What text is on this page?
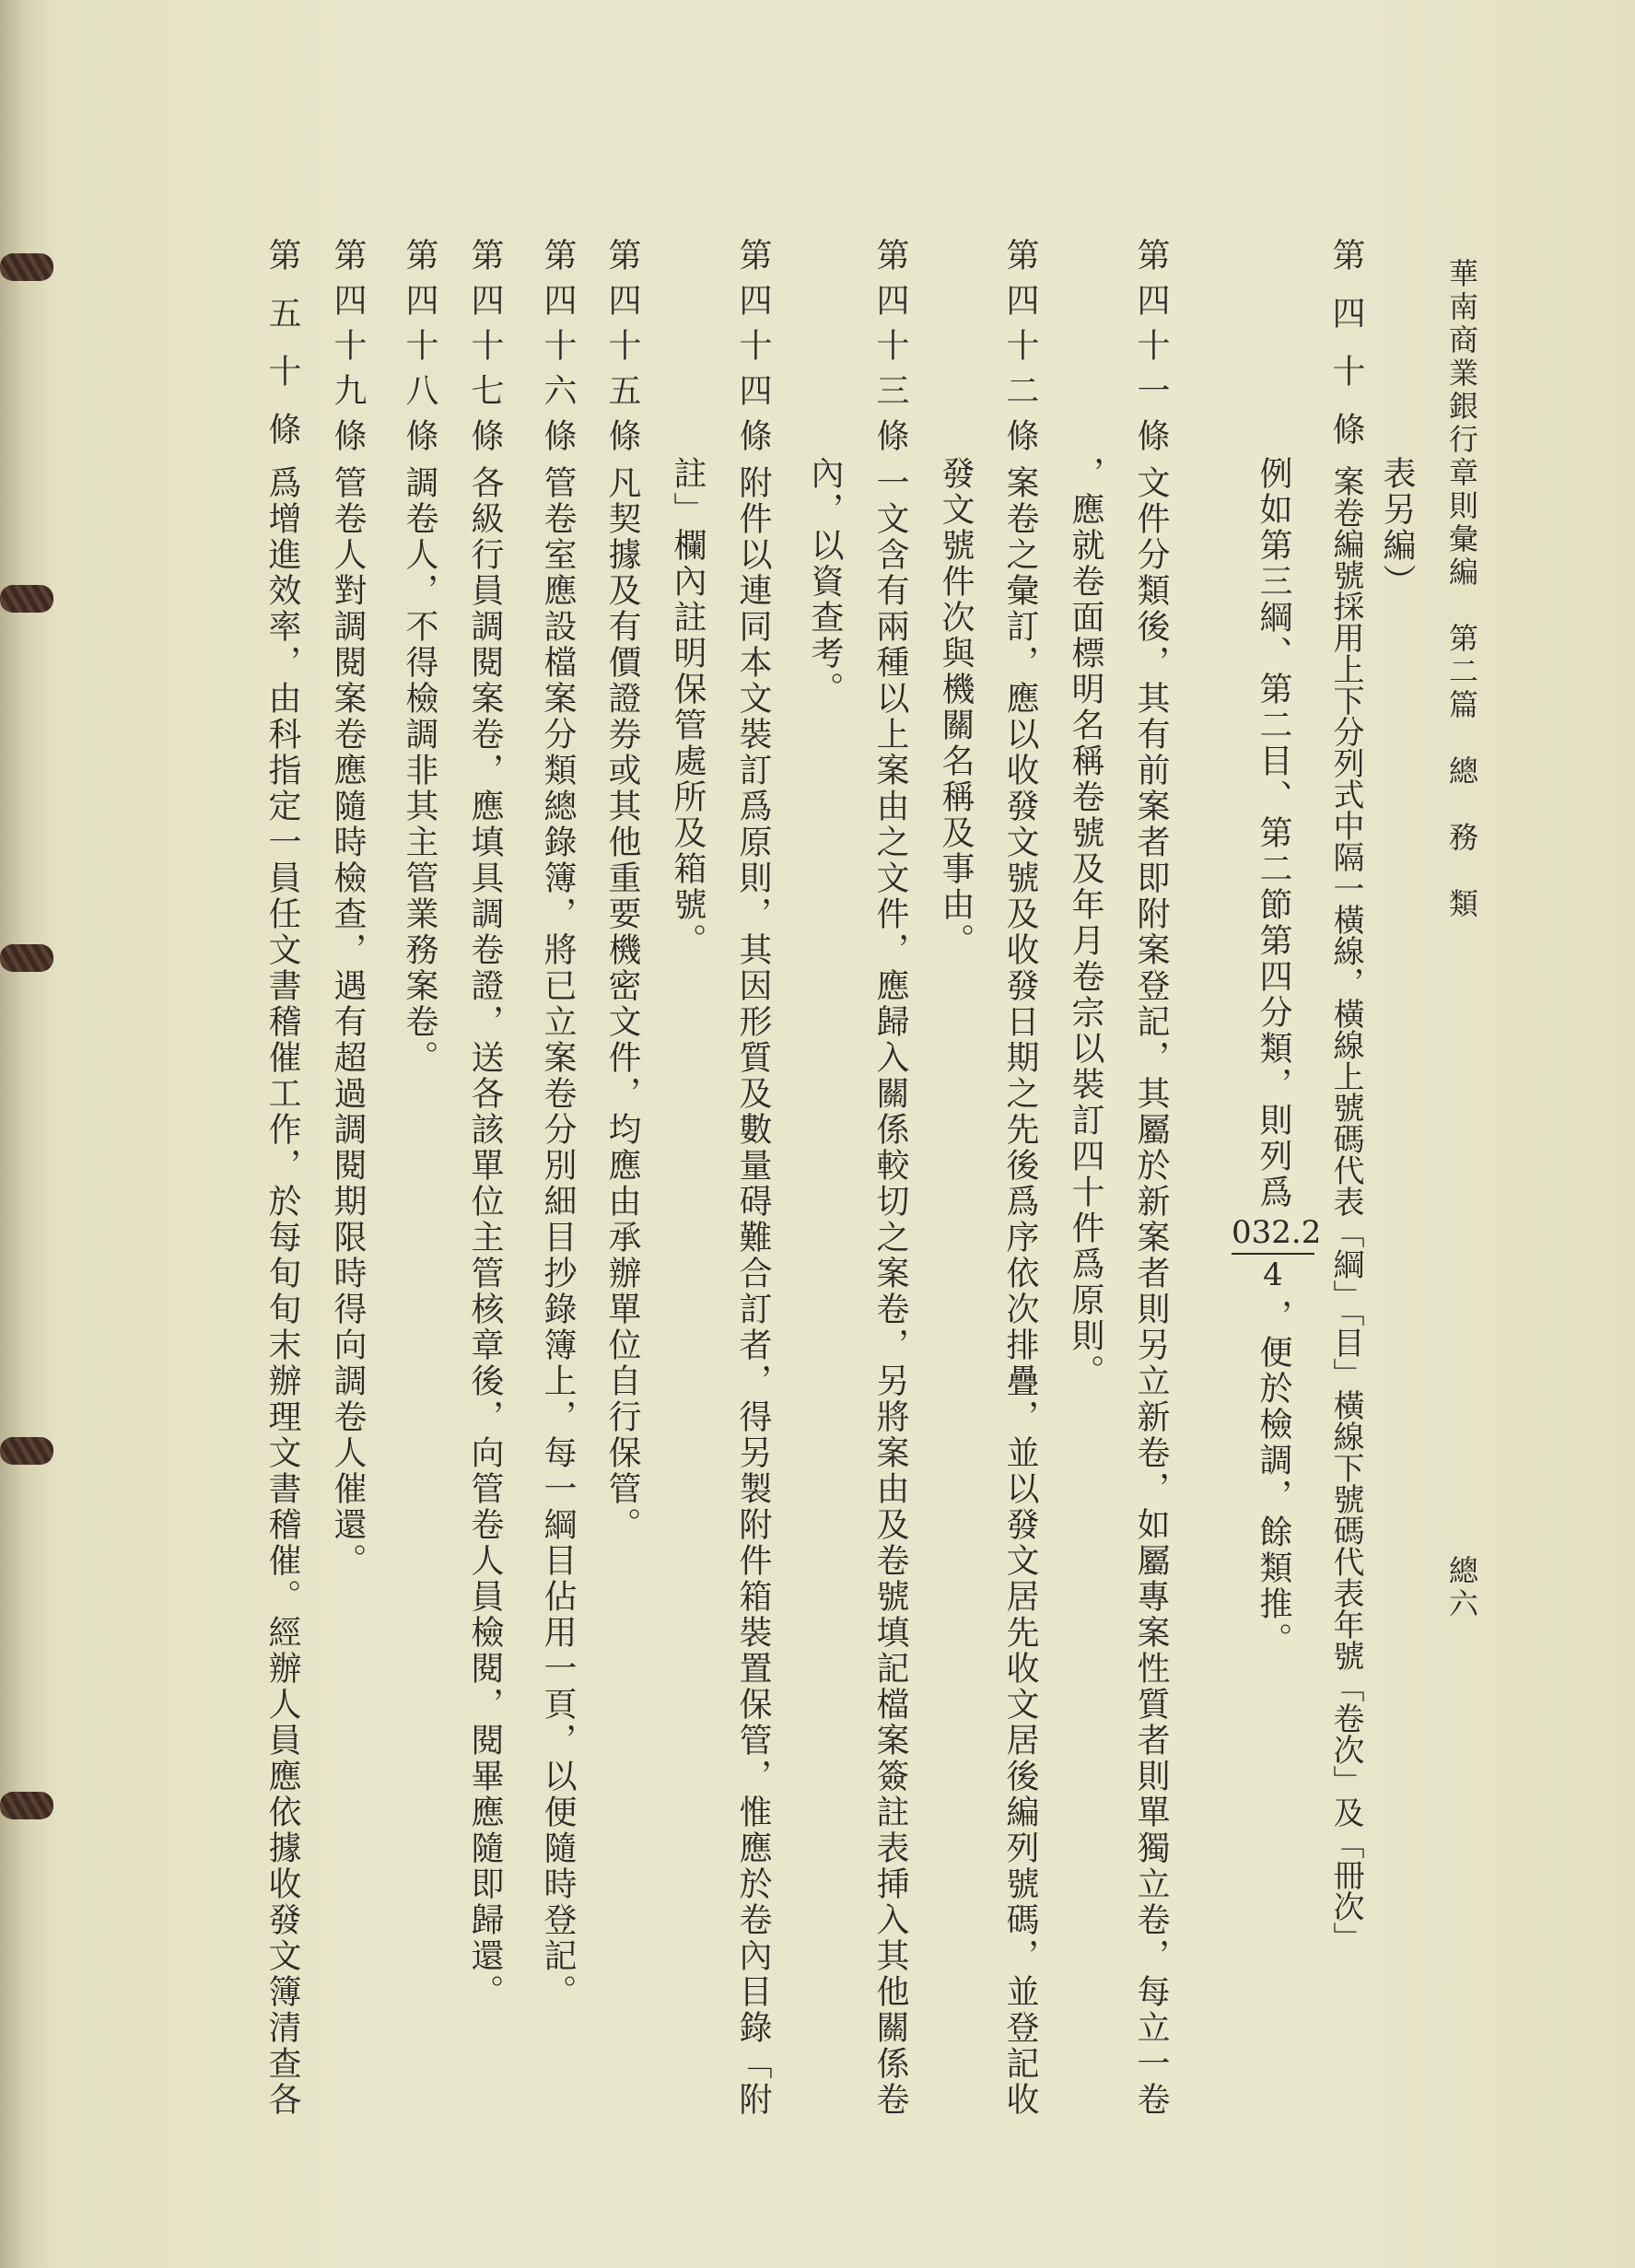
華南商業銀行章則彙編　第二篇　總　務　類
總六
表另編）
第四十條
案卷編號採用上下分列式中隔一橫線，橫線上號碼代表「綱」「目」橫線下號碼代表年號「卷次」及「冊次」
例如第三綱、第二目、第二節第四分類，則列爲
032.2
4
，便於檢調，餘類推。
第四十一條
文件分類後，其有前案者即附案登記，其屬於新案者則另立新卷，如屬專案性質者則單獨立卷，每立一卷
，應就卷面標明名稱卷號及年月卷宗以裝訂四十件爲原則。
第四十二條
案卷之彙訂，應以收發文號及收發日期之先後爲序依次排疊，並以發文居先收文居後編列號碼，並登記收
發文號件次與機關名稱及事由。
第四十三條
一文含有兩種以上案由之文件，應歸入關係較切之案卷，另將案由及卷號填記檔案簽註表挿入其他關係卷
內，以資查考。
第四十四條
附件以連同本文裝訂爲原則，其因形質及數量碍難合訂者，得另製附件箱裝置保管，惟應於卷內目錄「附
註」欄內註明保管處所及箱號。
第四十五條
凡契據及有價證券或其他重要機密文件，均應由承辦單位自行保管。
第四十六條
管卷室應設檔案分類總錄簿，將已立案卷分別細目抄錄簿上，每一綱目佔用一頁，以便隨時登記。
第四十七條
各級行員調閱案卷，應填具調卷證，送各該單位主管核章後，向管卷人員檢閱，閱畢應隨即歸還。
第四十八條
調卷人，不得檢調非其主管業務案卷。
第四十九條
管卷人對調閱案卷應隨時檢查，遇有超過調閱期限時得向調卷人催還。
第五十條
爲增進效率，由科指定一員任文書稽催工作，於每旬旬末辦理文書稽催。經辦人員應依據收發文簿清查各
